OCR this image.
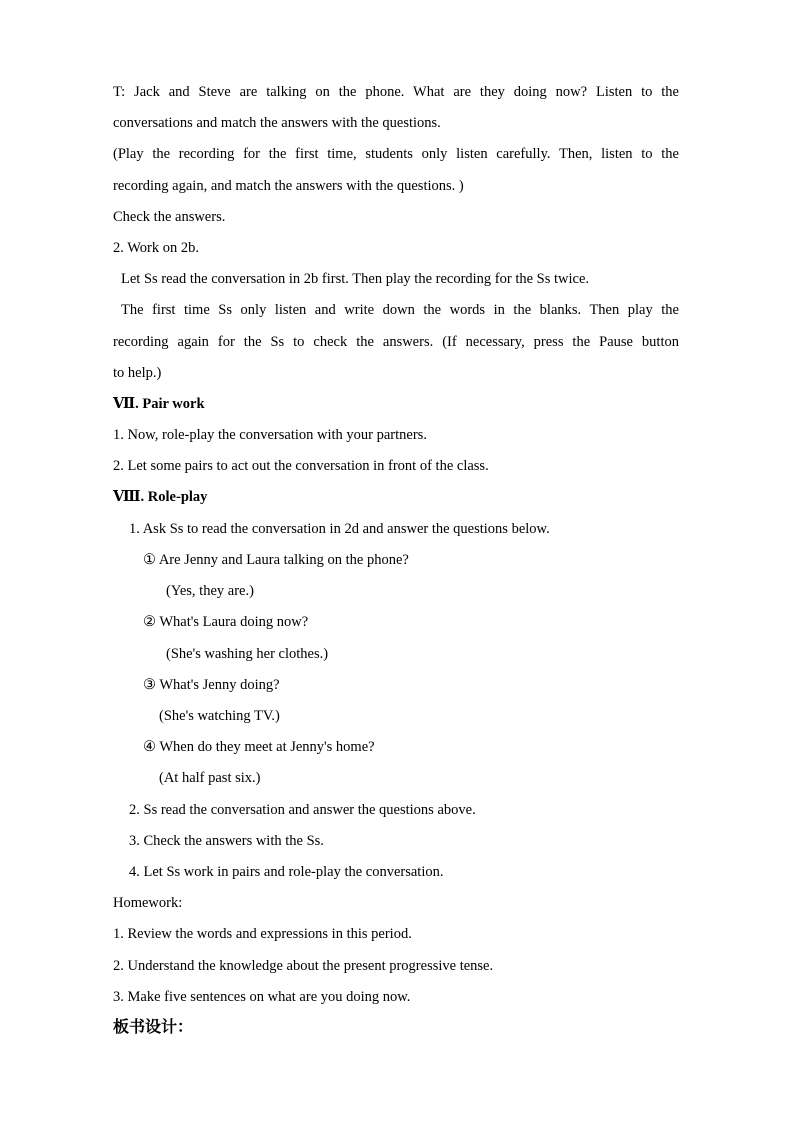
T: Jack and Steve are talking on the phone. What are they doing now? Listen to the
conversations and match the answers with the questions.
(Play the recording for the first time, students only listen carefully. Then, listen to the
recording again, and match the answers with the questions. )
Check the answers.
2. Work on 2b.
Let Ss read the conversation in 2b first. Then play the recording for the Ss twice.
The first time Ss only listen and write down the words in the blanks. Then play the
recording again for the Ss to check the answers. (If necessary, press the Pause button
to help.)
Ⅶ. Pair work
1. Now, role-play the conversation with your partners.
2. Let some pairs to act out the conversation in front of the class.
Ⅷ. Role-play
1. Ask Ss to read the conversation in 2d and answer the questions below.
① Are Jenny and Laura talking on the phone?
(Yes, they are.)
② What's Laura doing now?
(She's washing her clothes.)
③ What's Jenny doing?
(She's watching TV.)
④ When do they meet at Jenny's home?
(At half past six.)
2. Ss read the conversation and answer the questions above.
3. Check the answers with the Ss.
4. Let Ss work in pairs and role-play the conversation.
Homework:
1. Review the words and expressions in this period.
2. Understand the knowledge about the present progressive tense.
3. Make five sentences on what are you doing now.
板书设计：
